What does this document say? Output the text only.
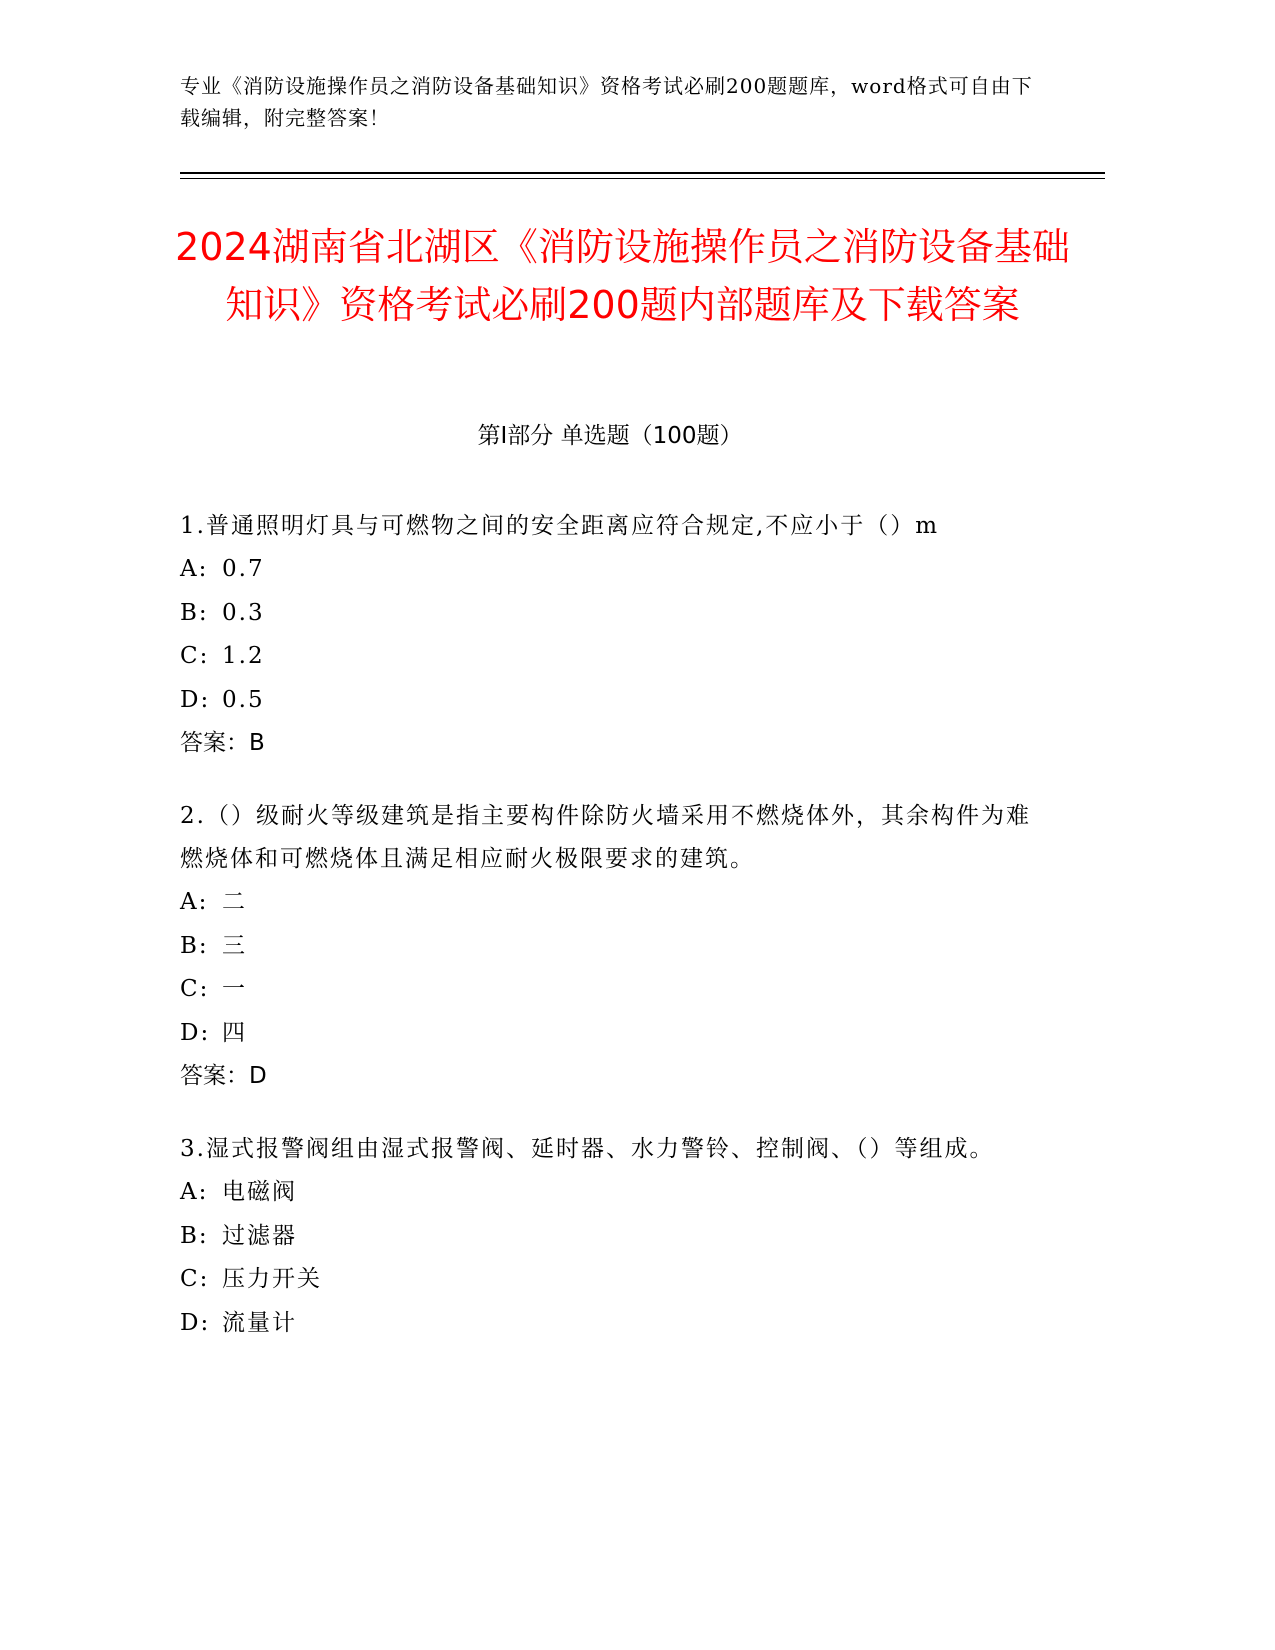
专业《消防设施操作员之消防设备基础知识》资格考试必刷200题题库，word格式可自由下载编辑，附完整答案！
2024湖南省北湖区《消防设施操作员之消防设备基础知识》资格考试必刷200题内部题库及下载答案
第Ⅰ部分 单选题（100题）
1.普通照明灯具与可燃物之间的安全距离应符合规定,不应小于（）m
A: 0.7
B: 0.3
C: 1.2
D: 0.5
答案：B
2.（）级耐火等级建筑是指主要构件除防火墙采用不燃烧体外，其余构件为难燃烧体和可燃烧体且满足相应耐火极限要求的建筑。
A: 二
B: 三
C: 一
D: 四
答案：D
3.湿式报警阀组由湿式报警阀、延时器、水力警铃、控制阀、（）等组成。
A: 电磁阀
B: 过滤器
C: 压力开关
D: 流量计
